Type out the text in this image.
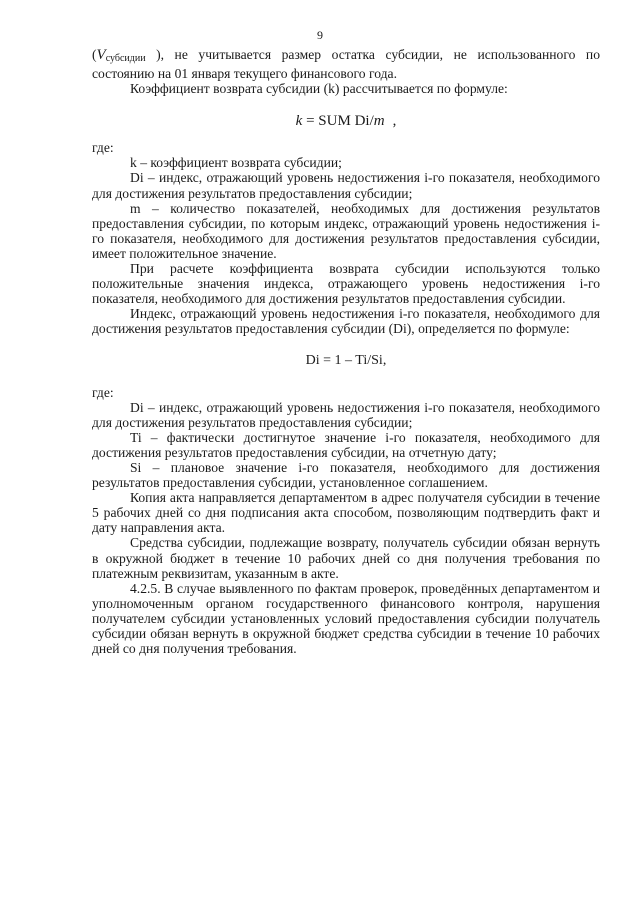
9

(Vсубсидии ), не учитывается размер остатка субсидии, не использованного по состоянию на 01 января текущего финансового года.

Коэффициент возврата субсидии (k) рассчитывается по формуле:

k = SUM Di/m ,

где:

k – коэффициент возврата субсидии;

Di – индекс, отражающий уровень недостижения i-го показателя, необходимого для достижения результатов предоставления субсидии;

m – количество показателей, необходимых для достижения результатов предоставления субсидии, по которым индекс, отражающий уровень недостижения i-го показателя, необходимого для достижения результатов предоставления субсидии, имеет положительное значение.

При расчете коэффициента возврата субсидии используются только положительные значения индекса, отражающего уровень недостижения i-го показателя, необходимого для достижения результатов предоставления субсидии.

Индекс, отражающий уровень недостижения i-го показателя, необходимого для достижения результатов предоставления субсидии (Di), определяется по формуле:

Di = 1 – Ti/Si,

где:

Di – индекс, отражающий уровень недостижения i-го показателя, необходимого для достижения результатов предоставления субсидии;

Ti – фактически достигнутое значение i-го показателя, необходимого для достижения результатов предоставления субсидии, на отчетную дату;

Si – плановое значение i-го показателя, необходимого для достижения результатов предоставления субсидии, установленное соглашением.

Копия акта направляется департаментом в адрес получателя субсидии в течение 5 рабочих дней со дня подписания акта способом, позволяющим подтвердить факт и дату направления акта.

Средства субсидии, подлежащие возврату, получатель субсидии обязан вернуть в окружной бюджет в течение 10 рабочих дней со дня получения требования по платежным реквизитам, указанным в акте.

4.2.5. В случае выявленного по фактам проверок, проведённых департаментом и уполномоченным органом государственного финансового контроля, нарушения получателем субсидии установленных условий предоставления субсидии получатель субсидии обязан вернуть в окружной бюджет средства субсидии в течение 10 рабочих дней со дня получения требования.
